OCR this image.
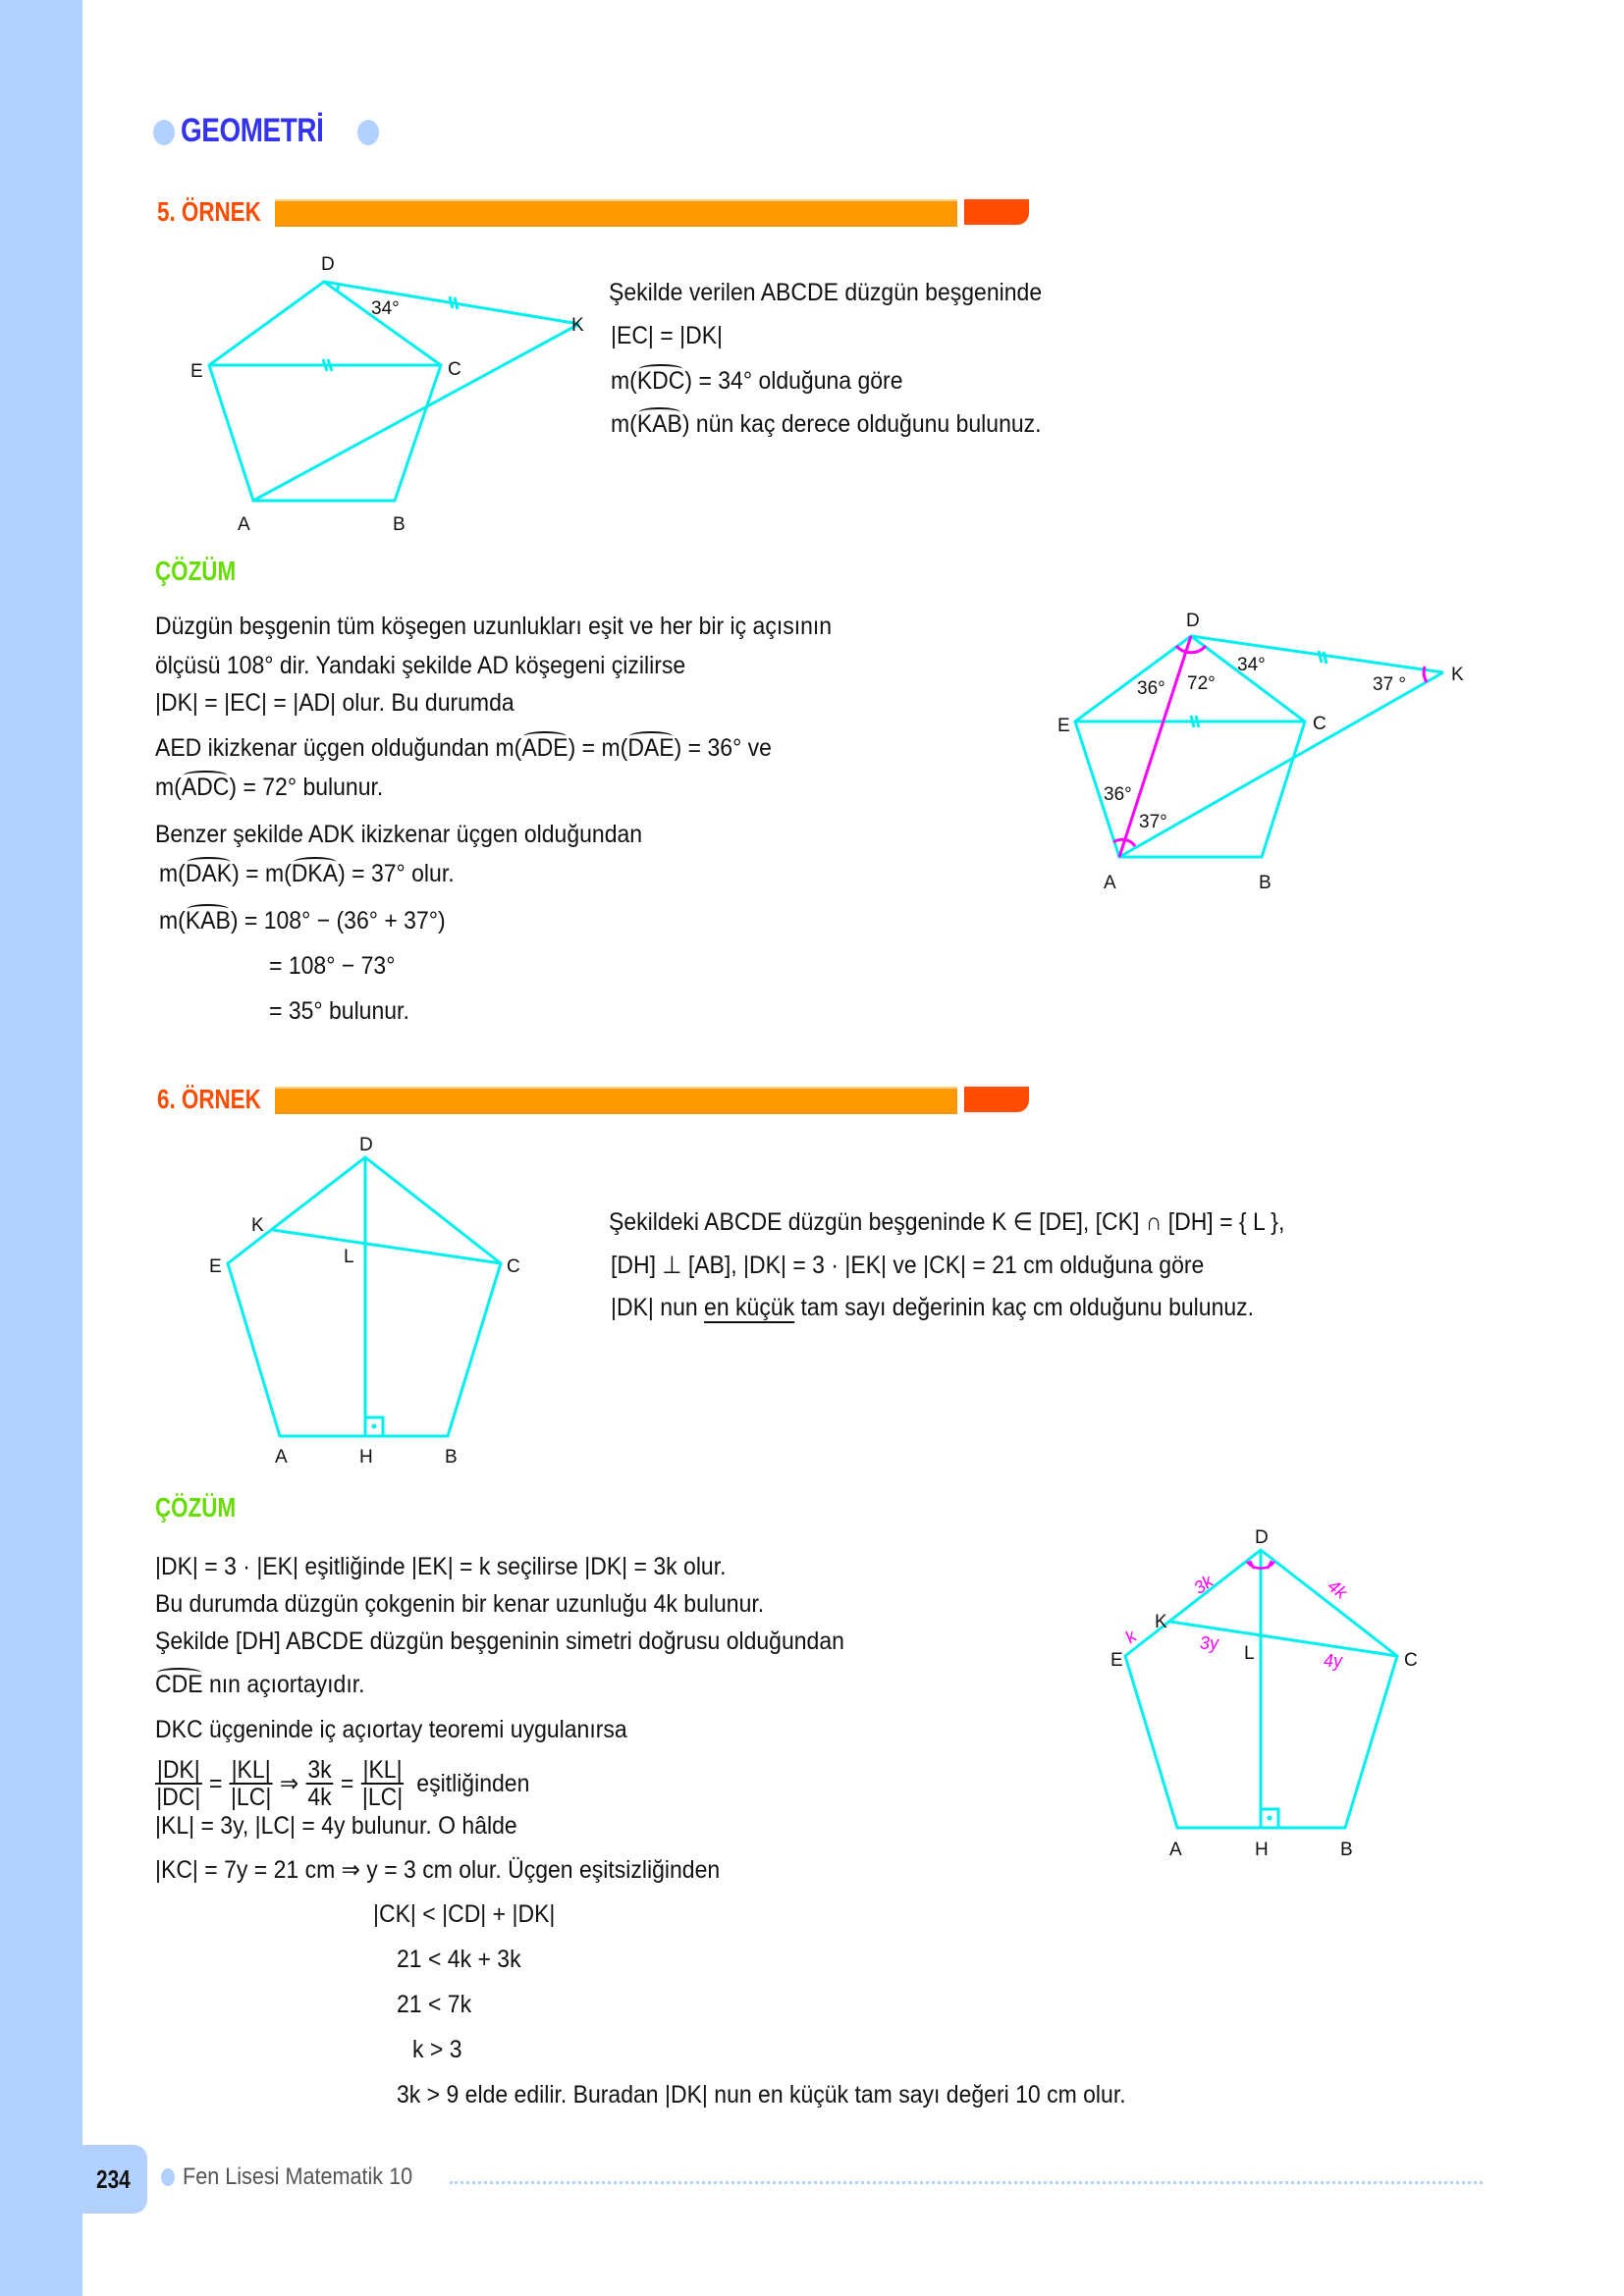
GEOMETRİ
5. ÖRNEK
D
E	C
K
A	B
34°
D
E	C
K
A	B
36° 72°
34°
37 °
36°
37°
D
K
E	L	C
A	H	B
D
K
E	L	C
A	H	B
3k
k
4k
3y
4y
Şekilde verilen ABCDE düzgün beşgeninde
|EC| = |DK|
m(KDC) = 34° olduğuna göre
m(KAB) nün kaç derece olduğunu bulunuz.
ÇÖZÜM
Düzgün beşgenin tüm köşegen uzunlukları eşit ve her bir iç açısının
ölçüsü 108° dir. Yandaki şekilde AD köşegeni çizilirse
|DK| = |EC| = |AD| olur. Bu durumda
AED ikizkenar üçgen olduğundan m(ADE) = m(DAE) = 36° ve
m(ADC) = 72° bulunur.
Benzer şekilde ADK ikizkenar üçgen olduğundan
m(DAK) = m(DKA) = 37° olur.
m(KAB) = 108° − (36° + 37°)
= 108° − 73°
= 35° bulunur.
6. ÖRNEK
Şekildeki ABCDE düzgün beşgeninde K ∈ [DE], [CK] ∩ [DH] = { L },
[DH] ⊥ [AB], |DK| = 3 · |EK| ve |CK| = 21 cm olduğuna göre
|DK| nun en küçük tam sayı değerinin kaç cm olduğunu bulunuz.
ÇÖZÜM
|DK| = 3 · |EK| eşitliğinde |EK| = k seçilirse |DK| = 3k olur.
Bu durumda düzgün çokgenin bir kenar uzunluğu 4k bulunur.
Şekilde [DH] ABCDE düzgün beşgeninin simetri doğrusu olduğundan
CDE nın açıortayıdır.
DKC üçgeninde iç açıortay teoremi uygulanırsa
$\frac{|DK|}{|DC|} = \frac{|KL|}{|LC|}$ ⇒ $\frac{3k}{4k} = \frac{|KL|}{|LC|}$ eşitliğinden
|KL| = 3y, |LC| = 4y bulunur. O hâlde
|KC| = 7y = 21 cm ⇒ y = 3 cm olur. Üçgen eşitsizliğinden
|CK| < |CD| + |DK|
21 < 4k + 3k
21 < 7k
k > 3
3k > 9 elde edilir. Buradan |DK| nun en küçük tam sayı değeri 10 cm olur.
234 Fen Lisesi Matematik 10
